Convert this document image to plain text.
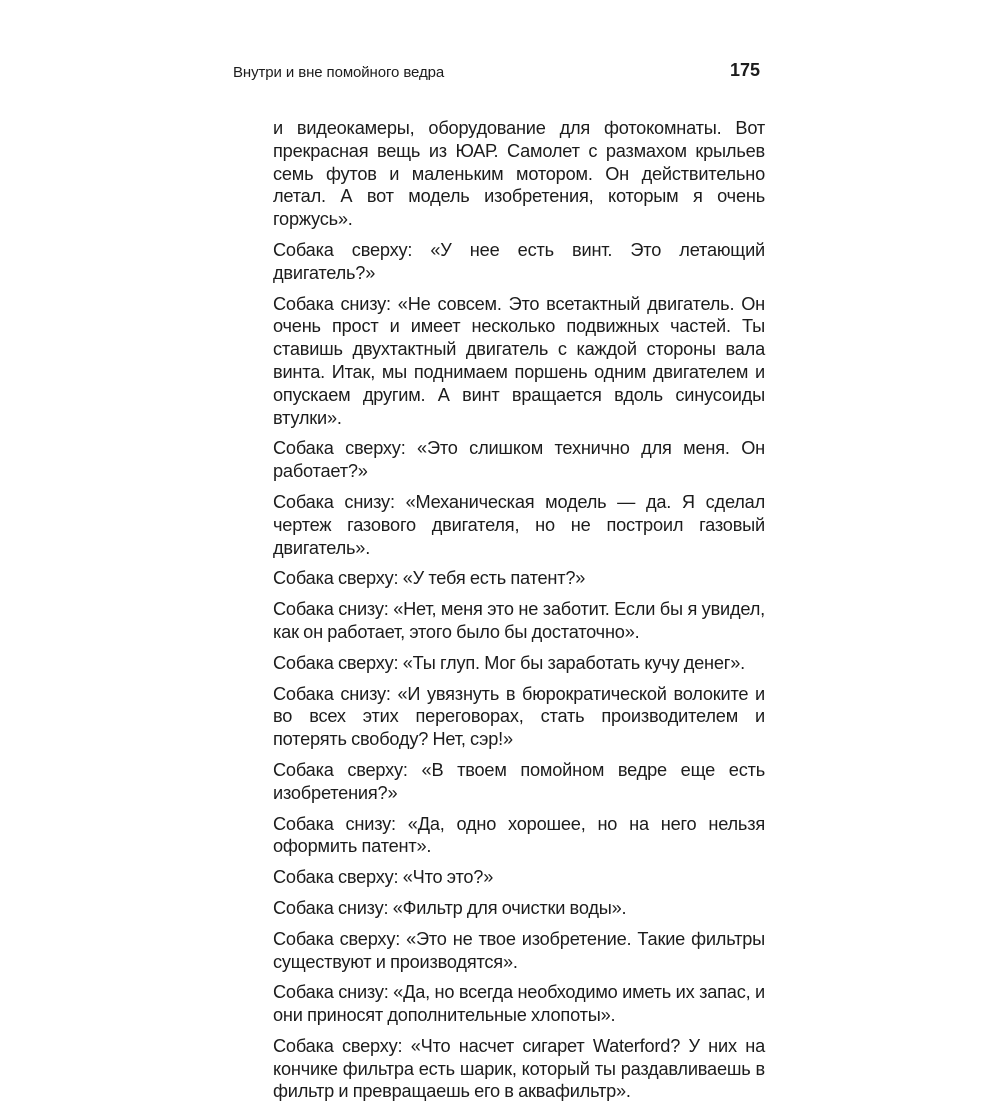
Внутри и вне помойного ведра	175

и видеокамеры, оборудование для фотокомнаты. Вот прекрасная вещь из ЮАР. Самолет с размахом крыльев семь футов и маленьким мотором. Он действительно летал. А вот модель изобретения, которым я очень горжусь».

Собака сверху: «У нее есть винт. Это летающий двигатель?»

Собака снизу: «Не совсем. Это всетактный двигатель. Он очень прост и имеет несколько подвижных частей. Ты ставишь двухтактный двигатель с каждой стороны вала винта. Итак, мы поднимаем поршень одним двигателем и опускаем другим. А винт вращается вдоль синусоиды втулки».

Собака сверху: «Это слишком технично для меня. Он работает?»

Собака снизу: «Механическая модель — да. Я сделал чертеж газового двигателя, но не построил газовый двигатель».

Собака сверху: «У тебя есть патент?»

Собака снизу: «Нет, меня это не заботит. Если бы я увидел, как он работает, этого было бы достаточно».

Собака сверху: «Ты глуп. Мог бы заработать кучу денег».

Собака снизу: «И увязнуть в бюрократической волоките и во всех этих переговорах, стать производителем и потерять свободу? Нет, сэр!»

Собака сверху: «В твоем помойном ведре еще есть изобретения?»

Собака снизу: «Да, одно хорошее, но на него нельзя оформить патент».

Собака сверху: «Что это?»

Собака снизу: «Фильтр для очистки воды».

Собака сверху: «Это не твое изобретение. Такие фильтры существуют и производятся».

Собака снизу: «Да, но всегда необходимо иметь их запас, и они приносят дополнительные хлопоты».

Собака сверху: «Что насчет сигарет Waterford? У них на кончике фильтра есть шарик, который ты раздавливаешь в фильтр и превращаешь его в аквафильтр».
